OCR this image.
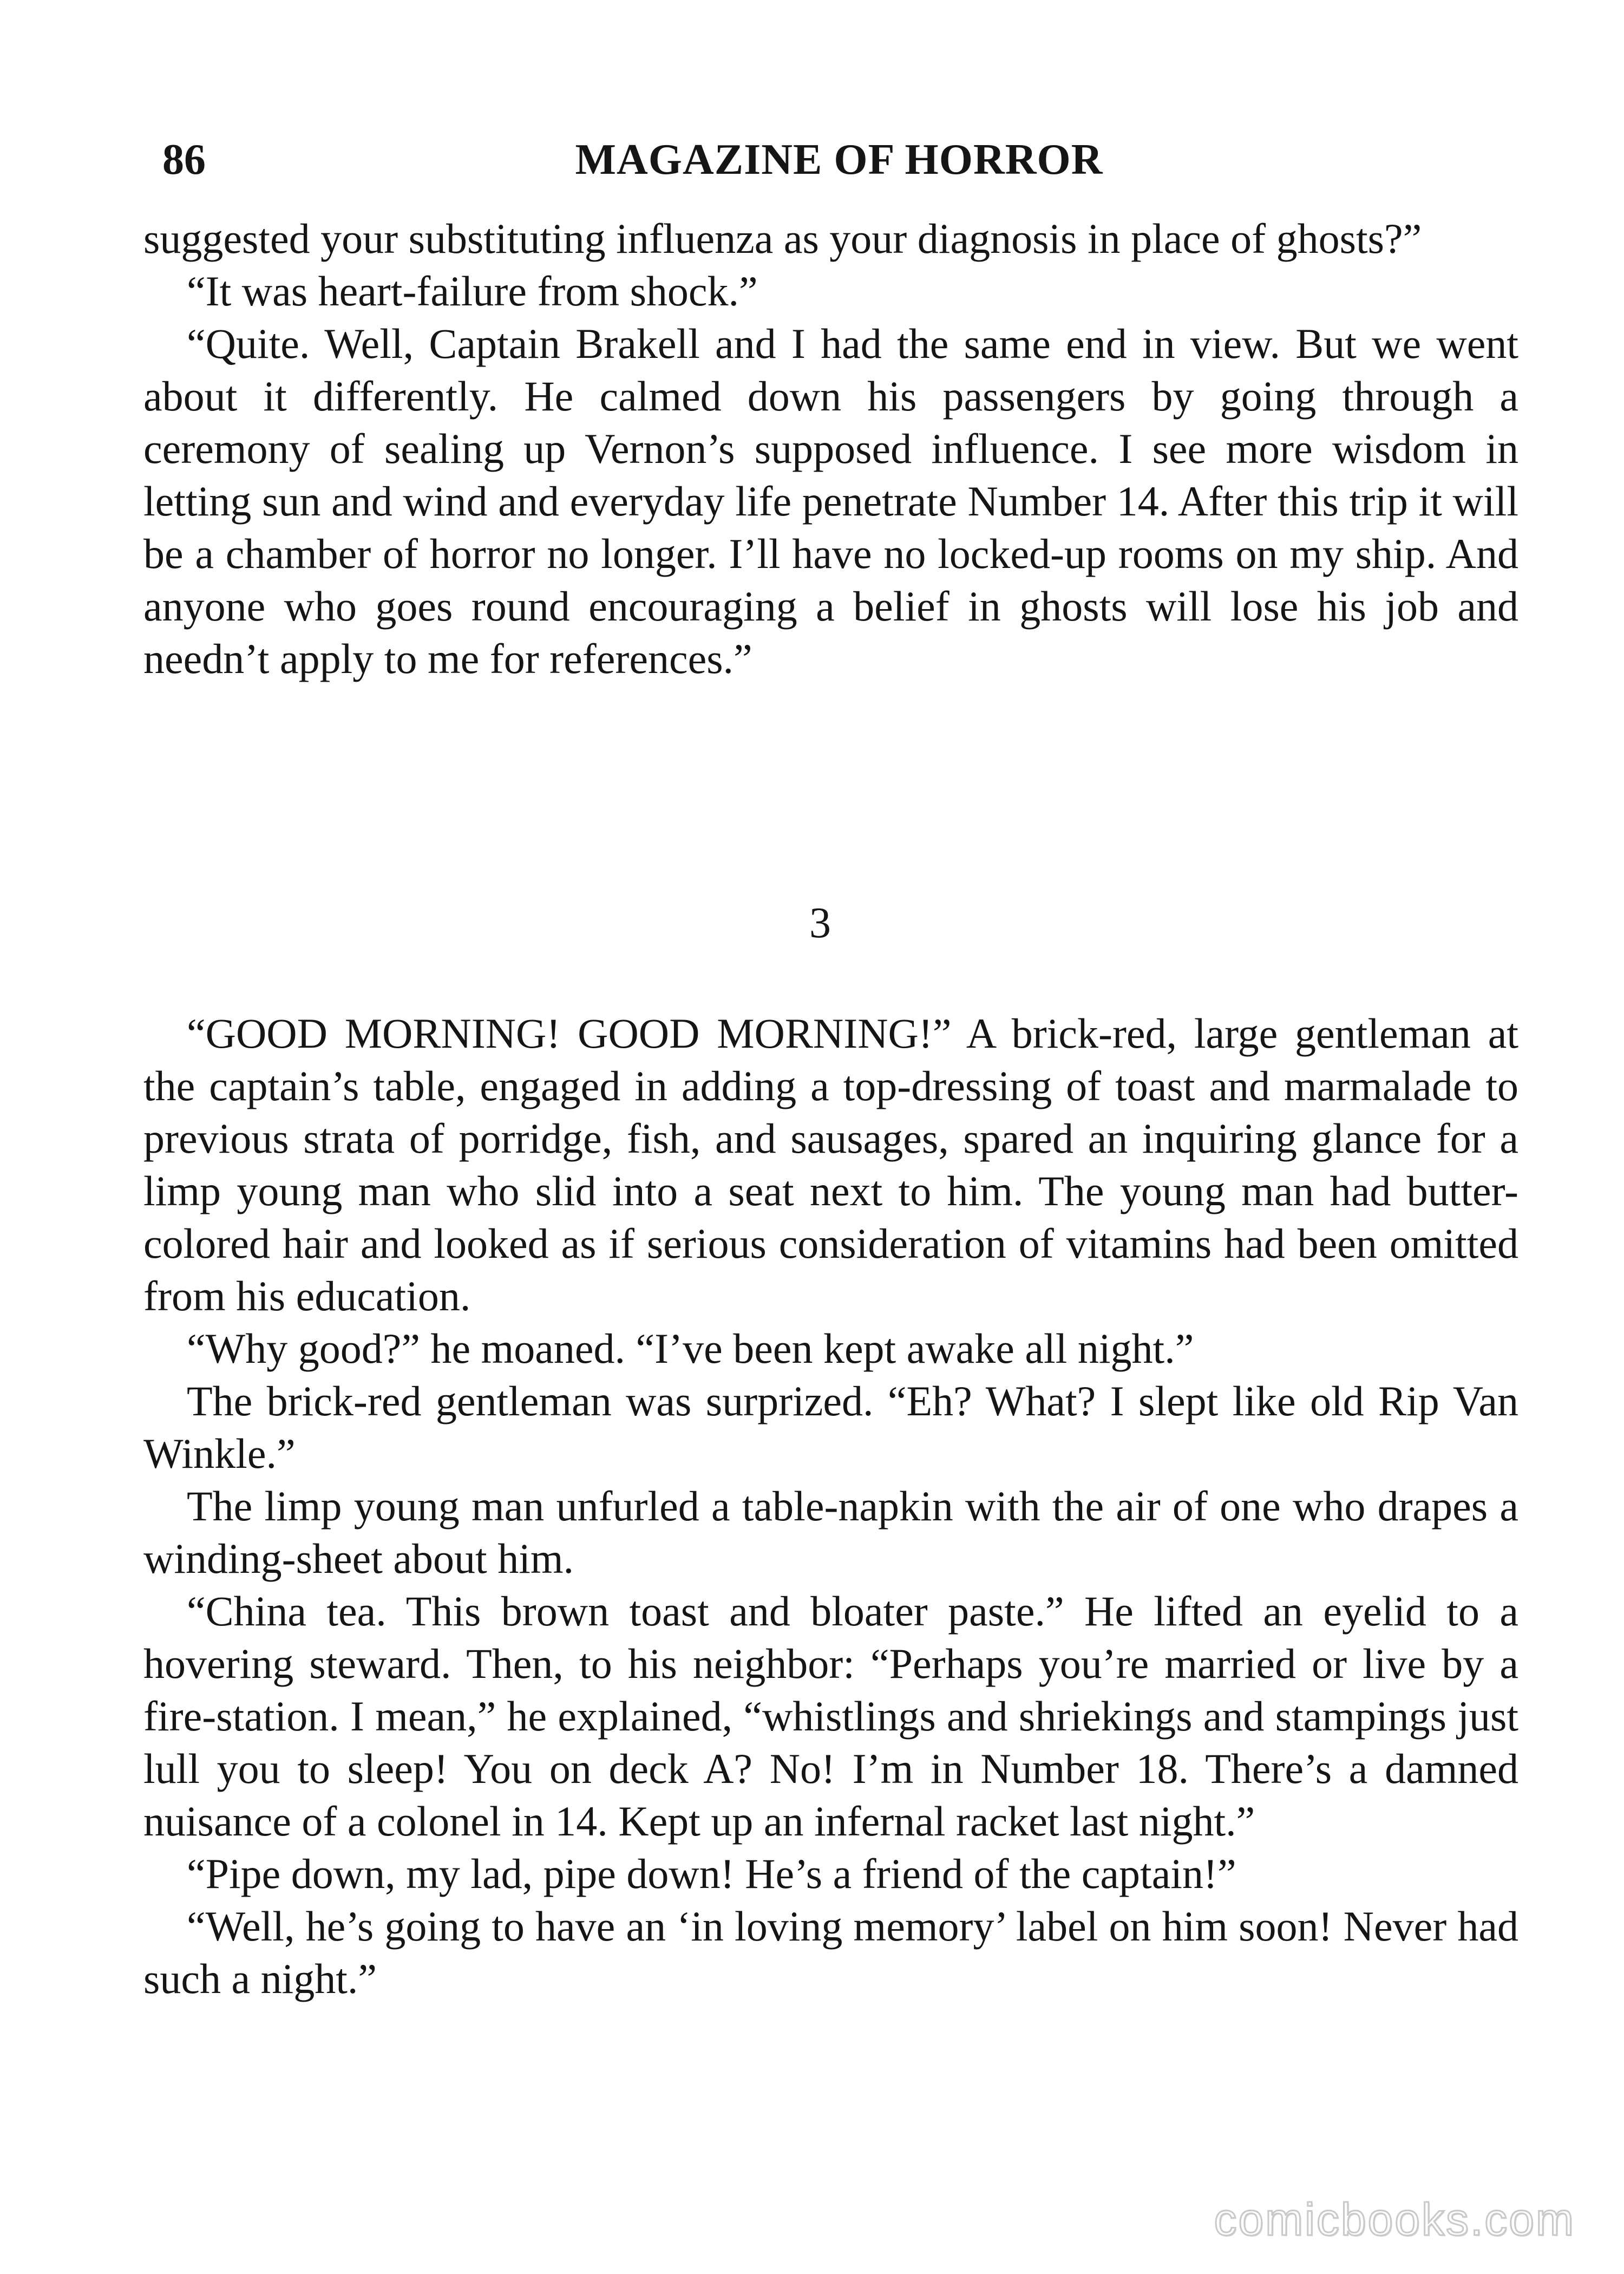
86	MAGAZINE OF HORROR

suggested your substituting influenza as your diagnosis in place of ghosts?”

“It was heart-failure from shock.”

“Quite. Well, Captain Brakell and I had the same end in view. But we went about it differently. He calmed down his passengers by going through a ceremony of sealing up Vernon’s supposed influence. I see more wisdom in letting sun and wind and everyday life penetrate Number 14. After this trip it will be a chamber of horror no longer. I’ll have no locked-up rooms on my ship. And anyone who goes round encouraging a belief in ghosts will lose his job and needn’t apply to me for references.”

3

“GOOD MORNING! GOOD MORNING!” A brick-red, large gentleman at the captain’s table, engaged in adding a top-dressing of toast and marmalade to previous strata of porridge, fish, and sausages, spared an inquiring glance for a limp young man who slid into a seat next to him. The young man had butter-colored hair and looked as if serious consideration of vitamins had been omitted from his education.

“Why good?” he moaned. “I’ve been kept awake all night.”

The brick-red gentleman was surprized. “Eh? What? I slept like old Rip Van Winkle.”

The limp young man unfurled a table-napkin with the air of one who drapes a winding-sheet about him.

“China tea. This brown toast and bloater paste.” He lifted an eyelid to a hovering steward. Then, to his neighbor: “Perhaps you’re married or live by a fire-station. I mean,” he explained, “whistlings and shriekings and stampings just lull you to sleep! You on deck A? No! I’m in Number 18. There’s a damned nuisance of a colonel in 14. Kept up an infernal racket last night.”

“Pipe down, my lad, pipe down! He’s a friend of the captain!”

“Well, he’s going to have an ‘in loving memory’ label on him soon! Never had such a night.”

comicbooks.com
